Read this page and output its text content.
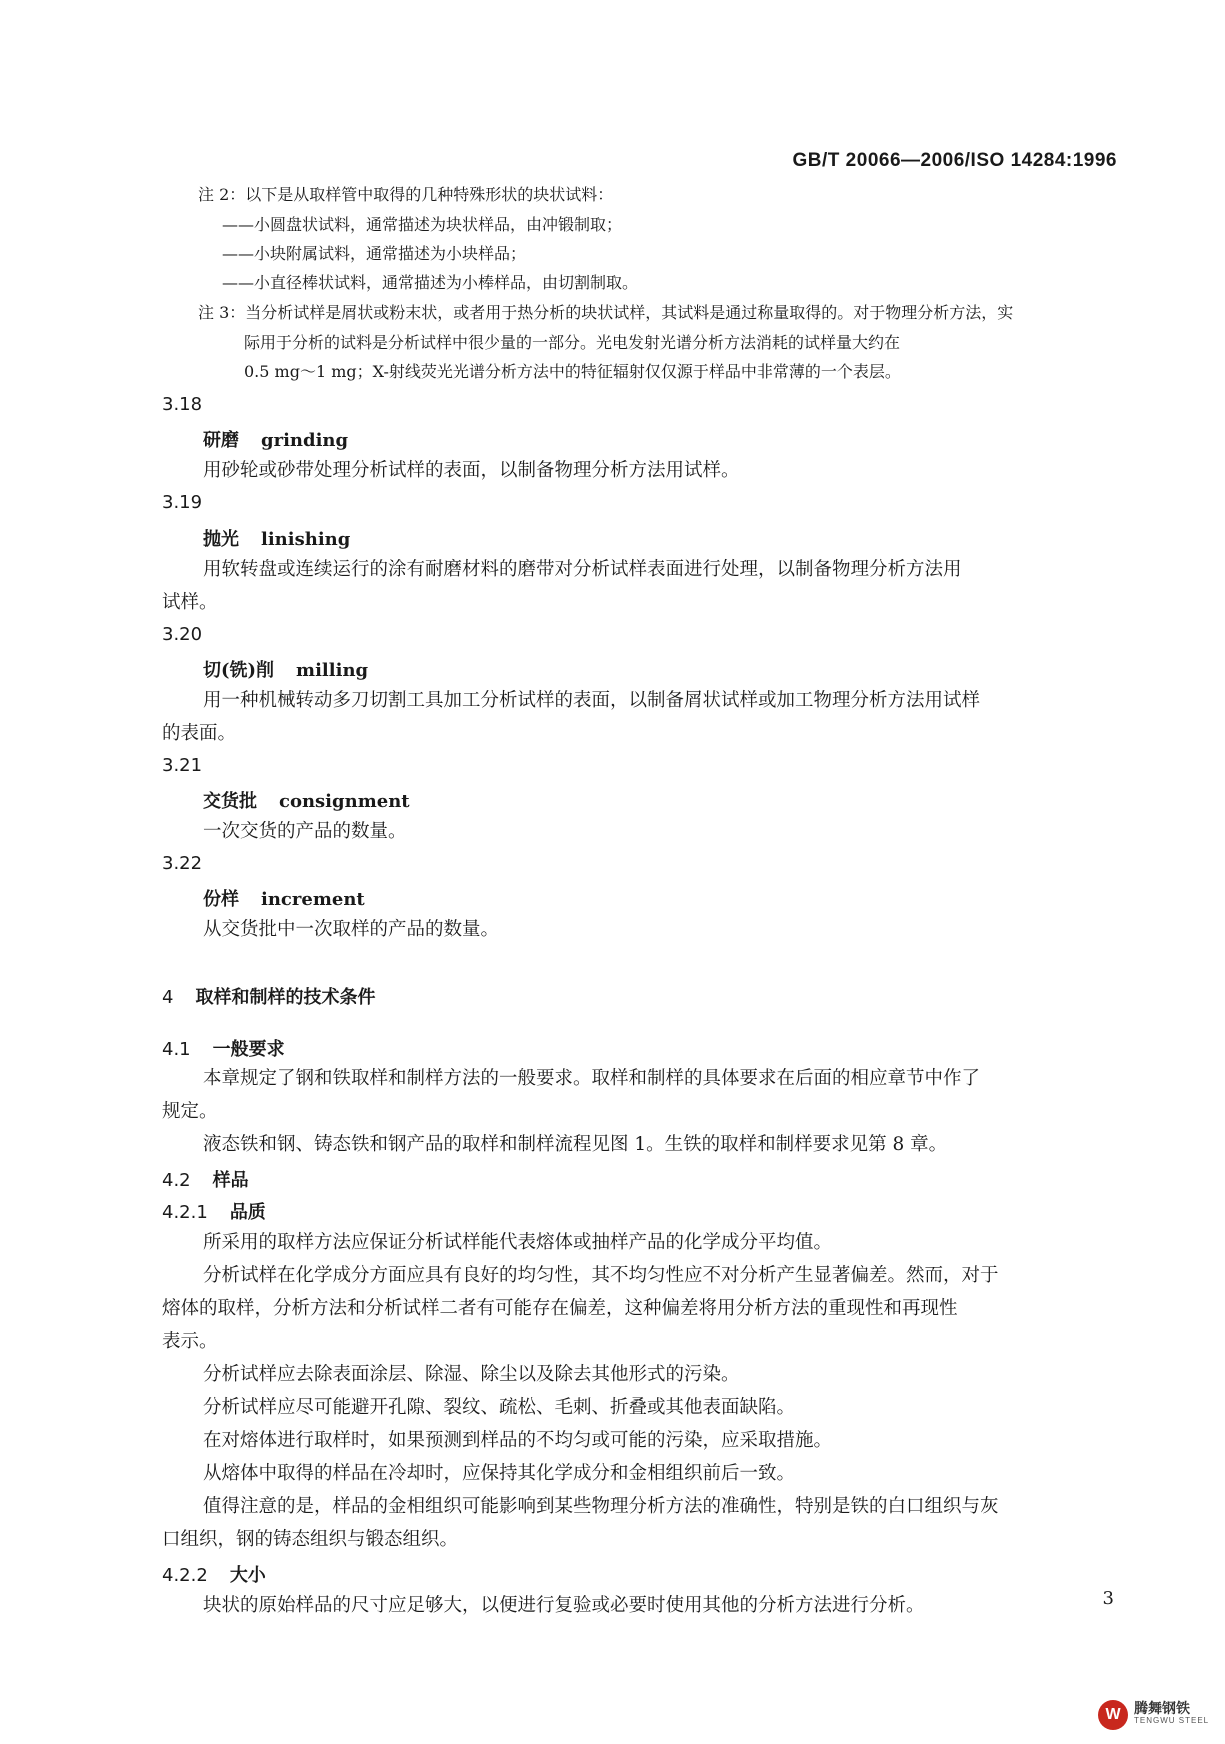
GB/T 20066—2006/ISO 14284:1996
注 2：以下是从取样管中取得的几种特殊形状的块状试料：
——小圆盘状试料，通常描述为块状样品，由冲锻制取；
——小块附属试料，通常描述为小块样品；
——小直径棒状试料，通常描述为小棒样品，由切割制取。
注 3：当分析试样是屑状或粉末状，或者用于热分析的块状试样，其试料是通过称量取得的。对于物理分析方法，实
际用于分析的试料是分析试样中很少量的一部分。光电发射光谱分析方法消耗的试样量大约在
0.5 mg～1 mg；X-射线荧光光谱分析方法中的特征辐射仅仅源于样品中非常薄的一个表层。
3.18
研磨 grinding
用砂轮或砂带处理分析试样的表面，以制备物理分析方法用试样。
3.19
抛光 linishing
用软转盘或连续运行的涂有耐磨材料的磨带对分析试样表面进行处理，以制备物理分析方法用
试样。
3.20
切(铣)削 milling
用一种机械转动多刀切割工具加工分析试样的表面，以制备屑状试样或加工物理分析方法用试样
的表面。
3.21
交货批 consignment
一次交货的产品的数量。
3.22
份样 increment
从交货批中一次取样的产品的数量。
4 取样和制样的技术条件
4.1 一般要求
本章规定了钢和铁取样和制样方法的一般要求。取样和制样的具体要求在后面的相应章节中作了
规定。
液态铁和钢、铸态铁和钢产品的取样和制样流程见图 1。生铁的取样和制样要求见第 8 章。
4.2 样品
4.2.1 品质
所采用的取样方法应保证分析试样能代表熔体或抽样产品的化学成分平均值。
分析试样在化学成分方面应具有良好的均匀性，其不均匀性应不对分析产生显著偏差。然而，对于
熔体的取样，分析方法和分析试样二者有可能存在偏差，这种偏差将用分析方法的重现性和再现性
表示。
分析试样应去除表面涂层、除湿、除尘以及除去其他形式的污染。
分析试样应尽可能避开孔隙、裂纹、疏松、毛刺、折叠或其他表面缺陷。
在对熔体进行取样时，如果预测到样品的不均匀或可能的污染，应采取措施。
从熔体中取得的样品在冷却时，应保持其化学成分和金相组织前后一致。
值得注意的是，样品的金相组织可能影响到某些物理分析方法的准确性，特别是铁的白口组织与灰
口组织，钢的铸态组织与锻态组织。
4.2.2 大小
块状的原始样品的尺寸应足够大，以便进行复验或必要时使用其他的分析方法进行分析。	3
W 腾舞钢铁
TENGWU STEEL
